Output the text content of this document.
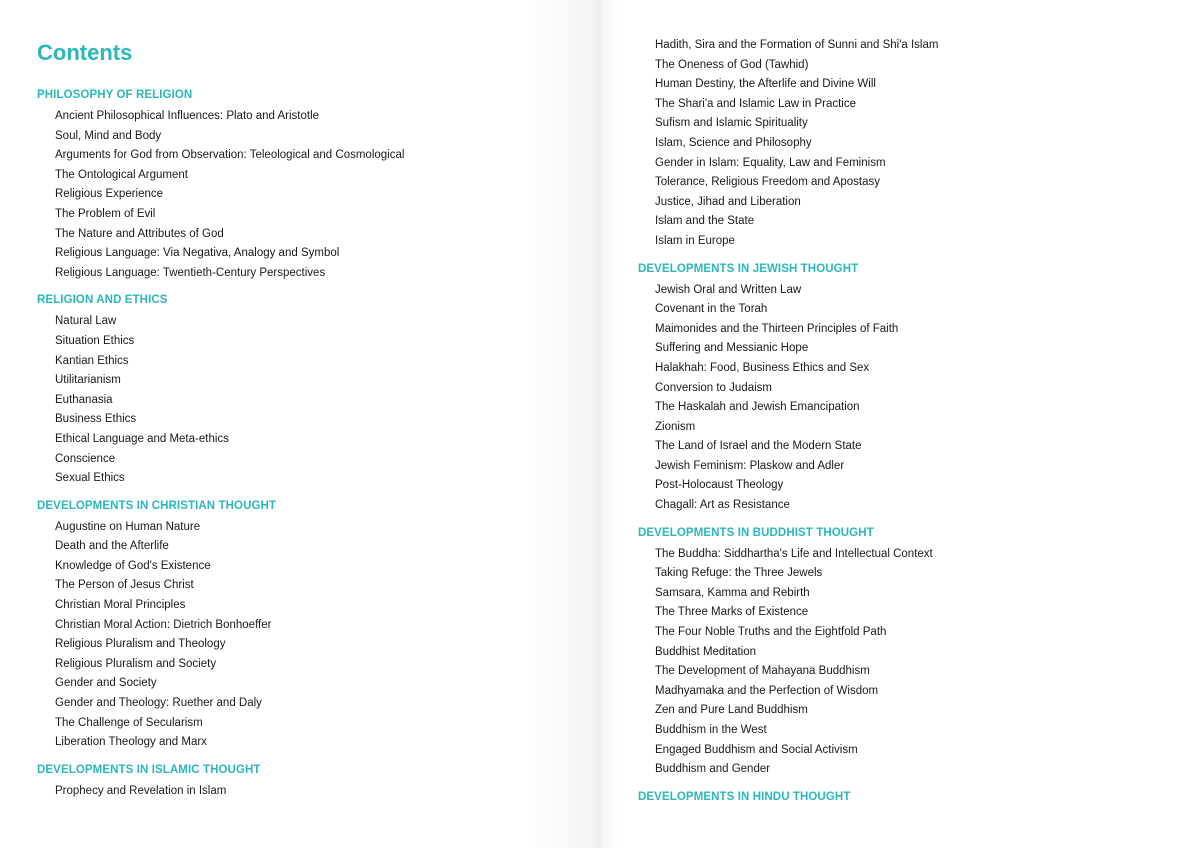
Contents
PHILOSOPHY OF RELIGION
Ancient Philosophical Influences: Plato and Aristotle
Soul, Mind and Body
Arguments for God from Observation: Teleological and Cosmological
The Ontological Argument
Religious Experience
The Problem of Evil
The Nature and Attributes of God
Religious Language: Via Negativa, Analogy and Symbol
Religious Language: Twentieth-Century Perspectives
RELIGION AND ETHICS
Natural Law
Situation Ethics
Kantian Ethics
Utilitarianism
Euthanasia
Business Ethics
Ethical Language and Meta-ethics
Conscience
Sexual Ethics
DEVELOPMENTS IN CHRISTIAN THOUGHT
Augustine on Human Nature
Death and the Afterlife
Knowledge of God's Existence
The Person of Jesus Christ
Christian Moral Principles
Christian Moral Action: Dietrich Bonhoeffer
Religious Pluralism and Theology
Religious Pluralism and Society
Gender and Society
Gender and Theology: Ruether and Daly
The Challenge of Secularism
Liberation Theology and Marx
DEVELOPMENTS IN ISLAMIC THOUGHT
Prophecy and Revelation in Islam
Hadith, Sira and the Formation of Sunni and Shi'a Islam
The Oneness of God (Tawhid)
Human Destiny, the Afterlife and Divine Will
The Shari'a and Islamic Law in Practice
Sufism and Islamic Spirituality
Islam, Science and Philosophy
Gender in Islam: Equality, Law and Feminism
Tolerance, Religious Freedom and Apostasy
Justice, Jihad and Liberation
Islam and the State
Islam in Europe
DEVELOPMENTS IN JEWISH THOUGHT
Jewish Oral and Written Law
Covenant in the Torah
Maimonides and the Thirteen Principles of Faith
Suffering and Messianic Hope
Halakhah: Food, Business Ethics and Sex
Conversion to Judaism
The Haskalah and Jewish Emancipation
Zionism
The Land of Israel and the Modern State
Jewish Feminism: Plaskow and Adler
Post-Holocaust Theology
Chagall: Art as Resistance
DEVELOPMENTS IN BUDDHIST THOUGHT
The Buddha: Siddhartha's Life and Intellectual Context
Taking Refuge: the Three Jewels
Samsara, Kamma and Rebirth
The Three Marks of Existence
The Four Noble Truths and the Eightfold Path
Buddhist Meditation
The Development of Mahayana Buddhism
Madhyamaka and the Perfection of Wisdom
Zen and Pure Land Buddhism
Buddhism in the West
Engaged Buddhism and Social Activism
Buddhism and Gender
DEVELOPMENTS IN HINDU THOUGHT
